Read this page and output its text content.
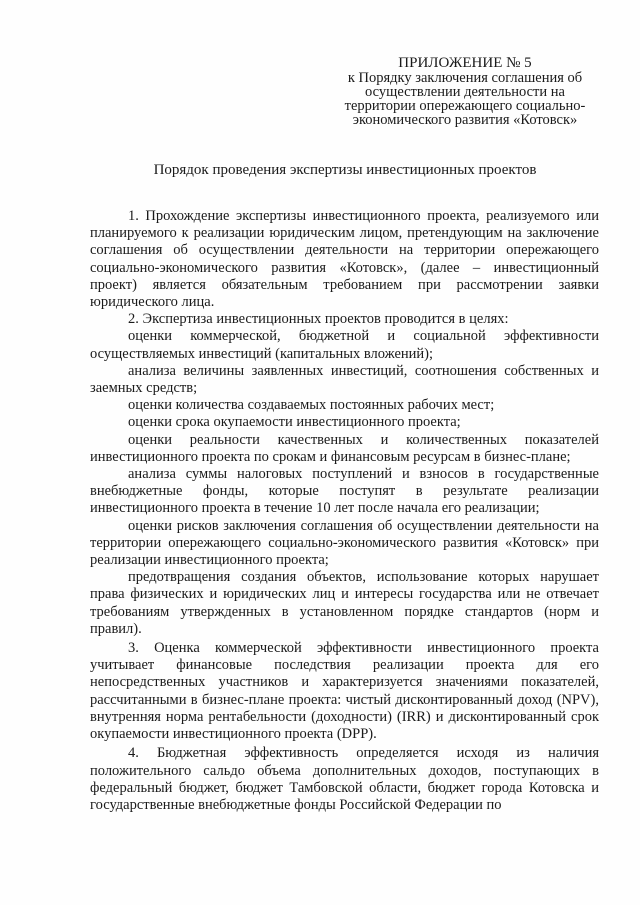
ПРИЛОЖЕНИЕ № 5
к Порядку заключения соглашения об
осуществлении деятельности на
территории опережающего социально-
экономического развития «Котовск»
Порядок проведения экспертизы инвестиционных проектов

1. Прохождение экспертизы инвестиционного проекта, реализуемого или планируемого к реализации юридическим лицом, претендующим на заключение соглашения об осуществлении деятельности на территории опережающего социально-экономического развития «Котовск», (далее – инвестиционный проект) является обязательным требованием при рассмотрении заявки юридического лица.

2. Экспертиза инвестиционных проектов проводится в целях:

оценки коммерческой, бюджетной и социальной эффективности осуществляемых инвестиций (капитальных вложений);

анализа величины заявленных инвестиций, соотношения собственных и заемных средств;

оценки количества создаваемых постоянных рабочих мест;

оценки срока окупаемости инвестиционного проекта;

оценки реальности качественных и количественных показателей инвестиционного проекта по срокам и финансовым ресурсам в бизнес-плане;

анализа суммы налоговых поступлений и взносов в государственные внебюджетные фонды, которые поступят в результате реализации инвестиционного проекта в течение 10 лет после начала его реализации;

оценки рисков заключения соглашения об осуществлении деятельности на территории опережающего социально-экономического развития «Котовск» при реализации инвестиционного проекта;

предотвращения создания объектов, использование которых нарушает права физических и юридических лиц и интересы государства или не отвечает требованиям утвержденных в установленном порядке стандартов (норм и правил).

3. Оценка коммерческой эффективности инвестиционного проекта учитывает финансовые последствия реализации проекта для его непосредственных участников и характеризуется значениями показателей, рассчитанными в бизнес-плане проекта: чистый дисконтированный доход (NPV), внутренняя норма рентабельности (доходности) (IRR) и дисконтированный срок окупаемости инвестиционного проекта (DPP).

4. Бюджетная эффективность определяется исходя из наличия положительного сальдо объема дополнительных доходов, поступающих в федеральный бюджет, бюджет Тамбовской области, бюджет города Котовска и государственные внебюджетные фонды Российской Федерации по
